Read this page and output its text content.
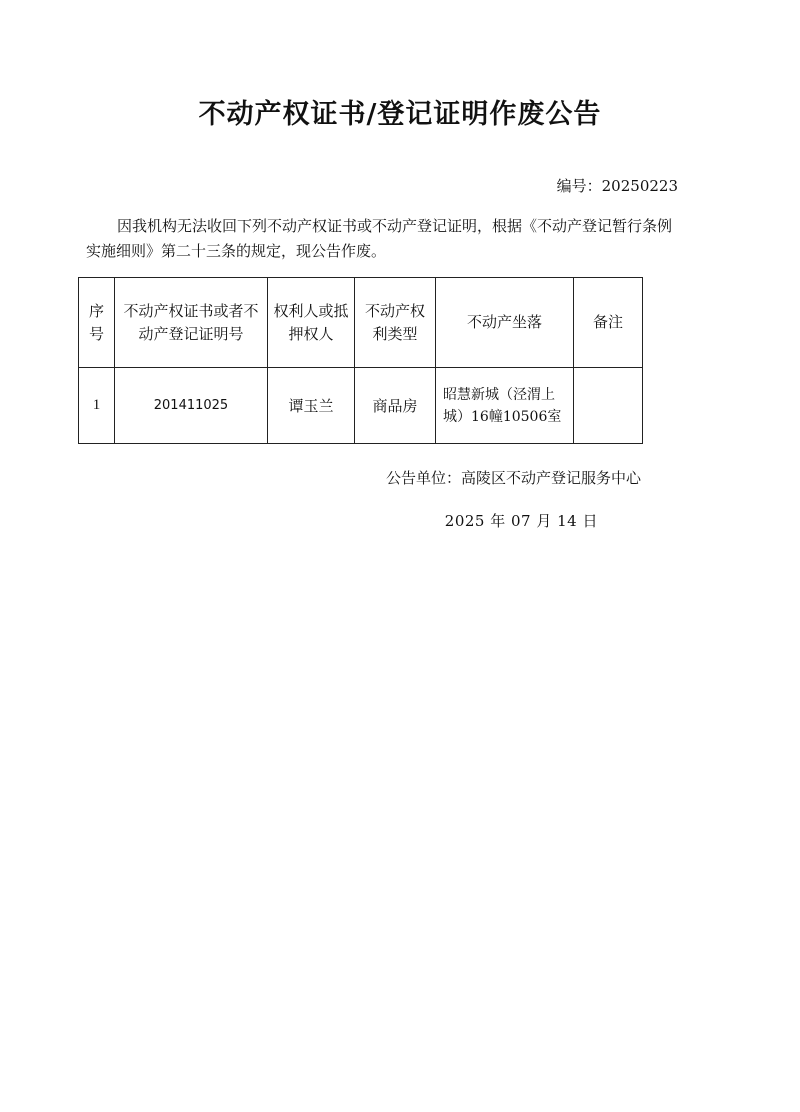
不动产权证书/登记证明作废公告
编号：20250223

因我机构无法收回下列不动产权证书或不动产登记证明，根据《不动产登记暂行条例实施细则》第二十三条的规定，现公告作废。

序号	不动产权证书或者不动产登记证明号	权利人或抵押权人	不动产权利类型	不动产坐落	备注

1	201411025	谭玉兰	商品房	昭慧新城（泾渭上城）16幢10506室	
公告单位：高陵区不动产登记服务中心
2025 年 07 月 14 日
